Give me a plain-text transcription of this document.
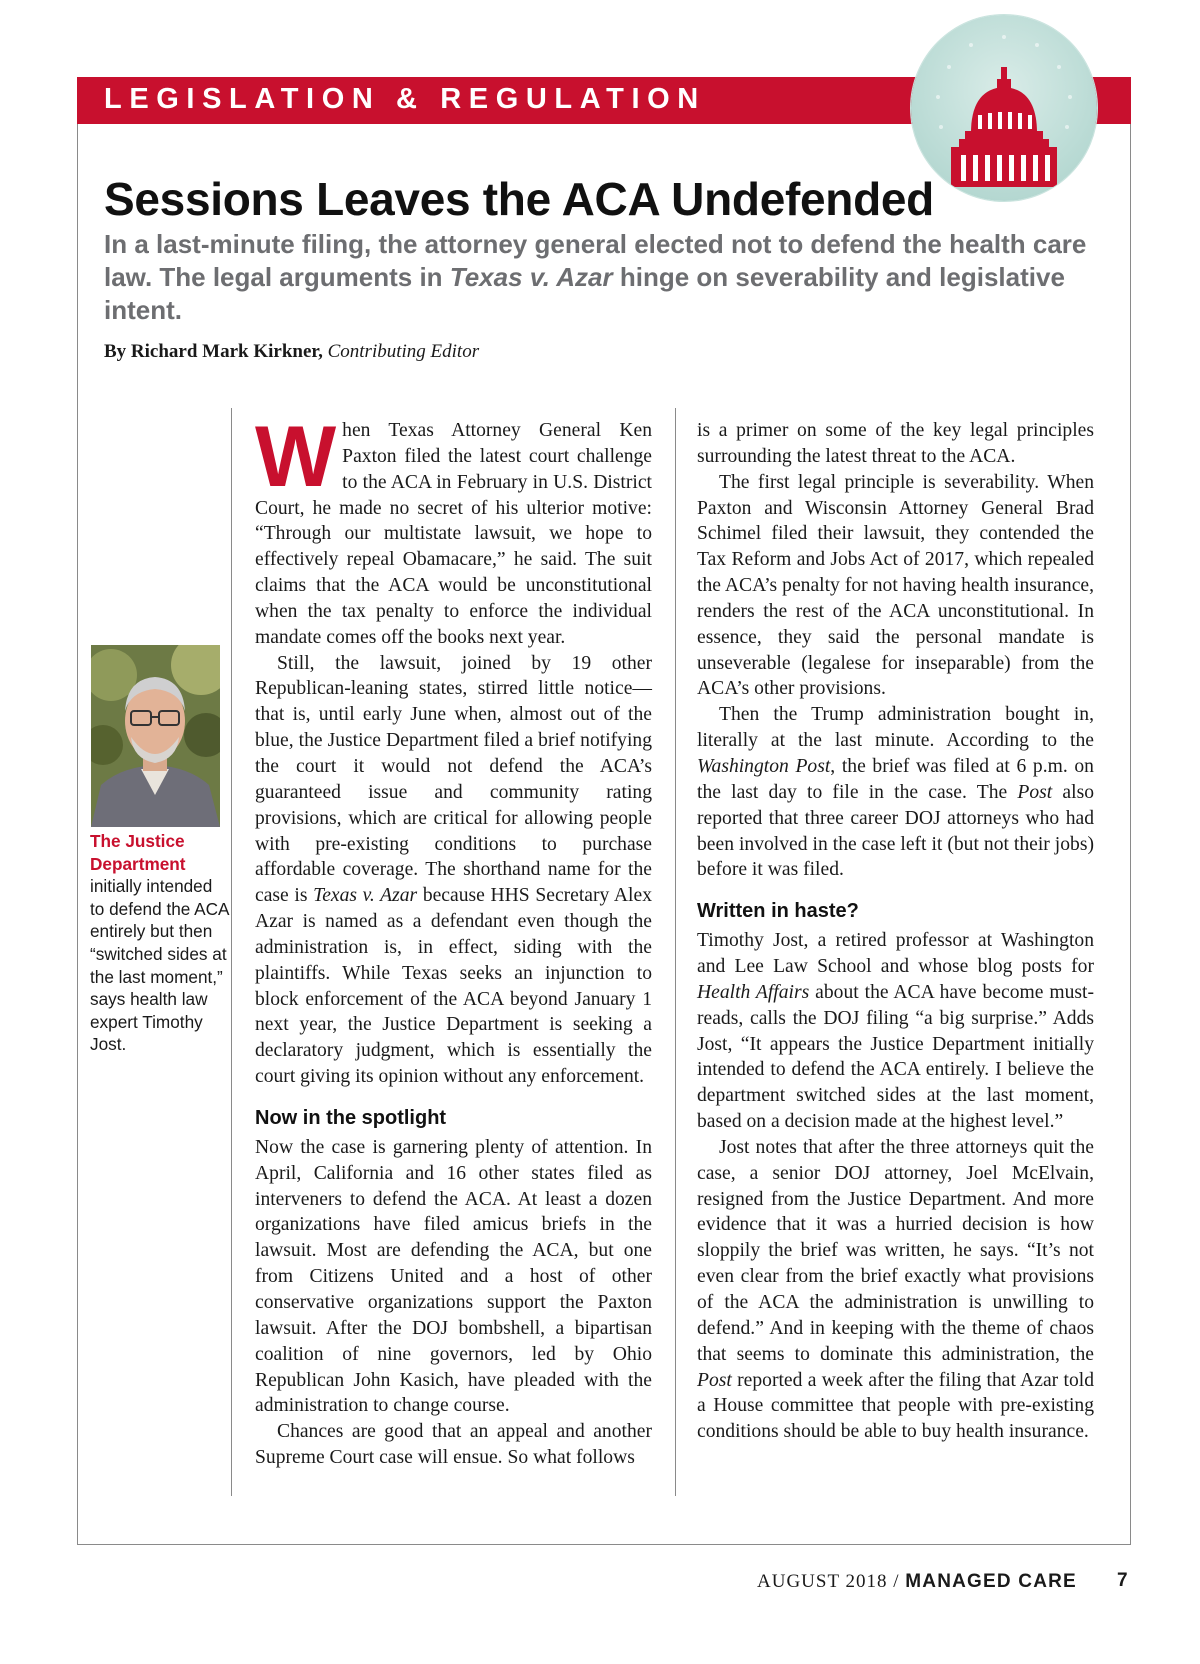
LEGISLATION & REGULATION
Sessions Leaves the ACA Undefended
In a last-minute filing, the attorney general elected not to defend the health care law. The legal arguments in Texas v. Azar hinge on severability and legislative intent.
By Richard Mark Kirkner, Contributing Editor
The Justice Department initially intended to defend the ACA entirely but then “switched sides at the last moment,” says health law expert Timothy Jost.

When Texas Attorney General Ken Paxton filed the latest court challenge to the ACA in February in U.S. District Court, he made no secret of his ulterior motive: “Through our multistate lawsuit, we hope to effectively repeal Obamacare,” he said. The suit claims that the ACA would be unconstitutional when the tax penalty to enforce the individual mandate comes off the books next year.

Still, the lawsuit, joined by 19 other Republican-leaning states, stirred little notice—that is, until early June when, almost out of the blue, the Justice Department filed a brief notifying the court it would not defend the ACA’s guaranteed issue and community rating provisions, which are critical for allowing people with pre-existing conditions to purchase affordable coverage. The shorthand name for the case is Texas v. Azar because HHS Secretary Alex Azar is named as a defendant even though the administration is, in effect, siding with the plaintiffs. While Texas seeks an injunction to block enforcement of the ACA beyond January 1 next year, the Justice Department is seeking a declaratory judgment, which is essentially the court giving its opinion without any enforcement.

Now in the spotlight

Now the case is garnering plenty of attention. In April, California and 16 other states filed as interveners to defend the ACA. At least a dozen organizations have filed amicus briefs in the lawsuit. Most are defending the ACA, but one from Citizens United and a host of other conservative organizations support the Paxton lawsuit. After the DOJ bombshell, a bipartisan coalition of nine governors, led by Ohio Republican John Kasich, have pleaded with the administration to change course.

Chances are good that an appeal and another Supreme Court case will ensue. So what follows

is a primer on some of the key legal principles surrounding the latest threat to the ACA.

The first legal principle is severability. When Paxton and Wisconsin Attorney General Brad Schimel filed their lawsuit, they contended the Tax Reform and Jobs Act of 2017, which repealed the ACA’s penalty for not having health insurance, renders the rest of the ACA unconstitutional. In essence, they said the personal mandate is unseverable (legalese for inseparable) from the ACA’s other provisions.

Then the Trump administration bought in, literally at the last minute. According to the Washington Post, the brief was filed at 6 p.m. on the last day to file in the case. The Post also reported that three career DOJ attorneys who had been involved in the case left it (but not their jobs) before it was filed.

Written in haste?

Timothy Jost, a retired professor at Washington and Lee Law School and whose blog posts for Health Affairs about the ACA have become must-reads, calls the DOJ filing “a big surprise.” Adds Jost, “It appears the Justice Department initially intended to defend the ACA entirely. I believe the department switched sides at the last moment, based on a decision made at the highest level.”

Jost notes that after the three attorneys quit the case, a senior DOJ attorney, Joel McElvain, resigned from the Justice Department. And more evidence that it was a hurried decision is how sloppily the brief was written, he says. “It’s not even clear from the brief exactly what provisions of the ACA the administration is unwilling to defend.” And in keeping with the theme of chaos that seems to dominate this administration, the Post reported a week after the filing that Azar told a House committee that people with pre-existing conditions should be able to buy health insurance.

AUGUST 2018 / MANAGED CARE 7
